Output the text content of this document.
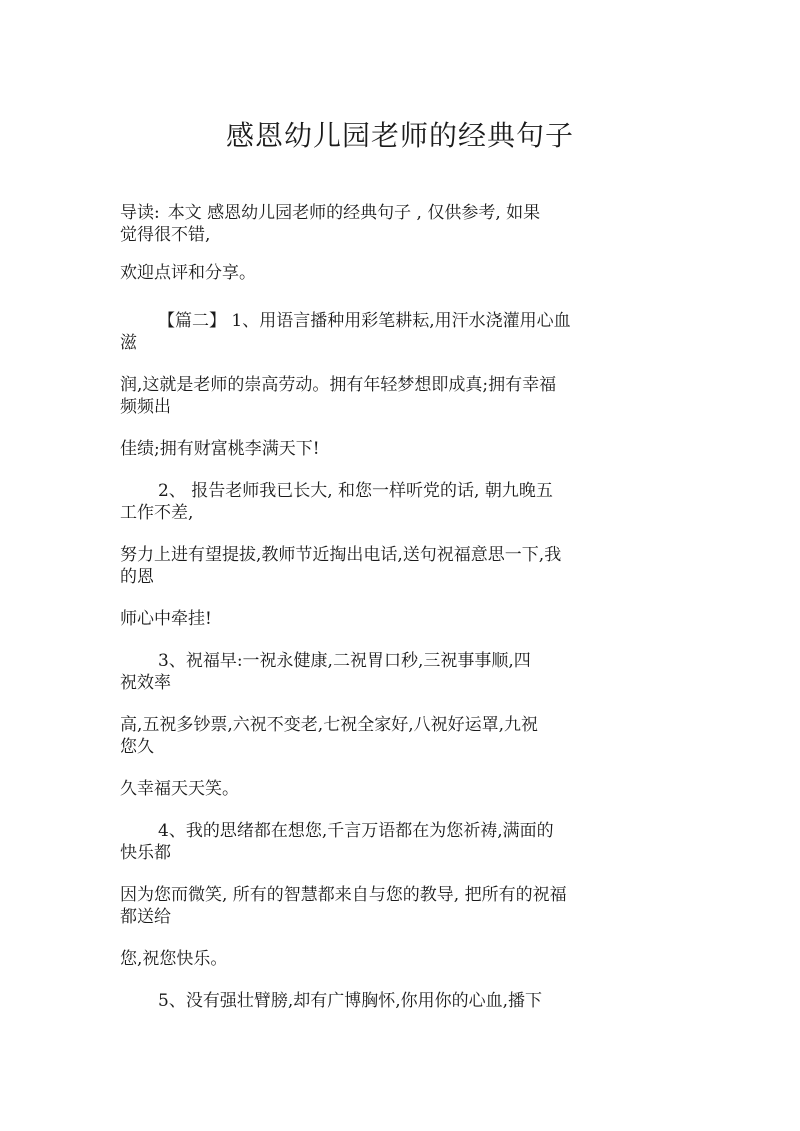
感恩幼儿园老师的经典句子
导读: 本文 感恩幼儿园老师的经典句子 , 仅供参考, 如果
觉得很不错,
欢迎点评和分享。
【篇二】 1、用语言播种用彩笔耕耘,用汗水浇灌用心血
滋
润,这就是老师的崇高劳动。拥有年轻梦想即成真;拥有幸福
频频出
佳绩;拥有财富桃李满天下!
2、 报告老师我已长大, 和您一样听党的话, 朝九晚五
工作不差,
努力上进有望提拔,教师节近掏出电话,送句祝福意思一下,我
的恩
师心中牵挂!
3、祝福早:一祝永健康,二祝胃口秒,三祝事事顺,四
祝效率
高,五祝多钞票,六祝不变老,七祝全家好,八祝好运罩,九祝
您久
久幸福天天笑。
4、我的思绪都在想您,千言万语都在为您祈祷,满面的
快乐都
因为您而微笑, 所有的智慧都来自与您的教导, 把所有的祝福
都送给
您,祝您快乐。
5、没有强壮臂膀,却有广博胸怀,你用你的心血,播下
